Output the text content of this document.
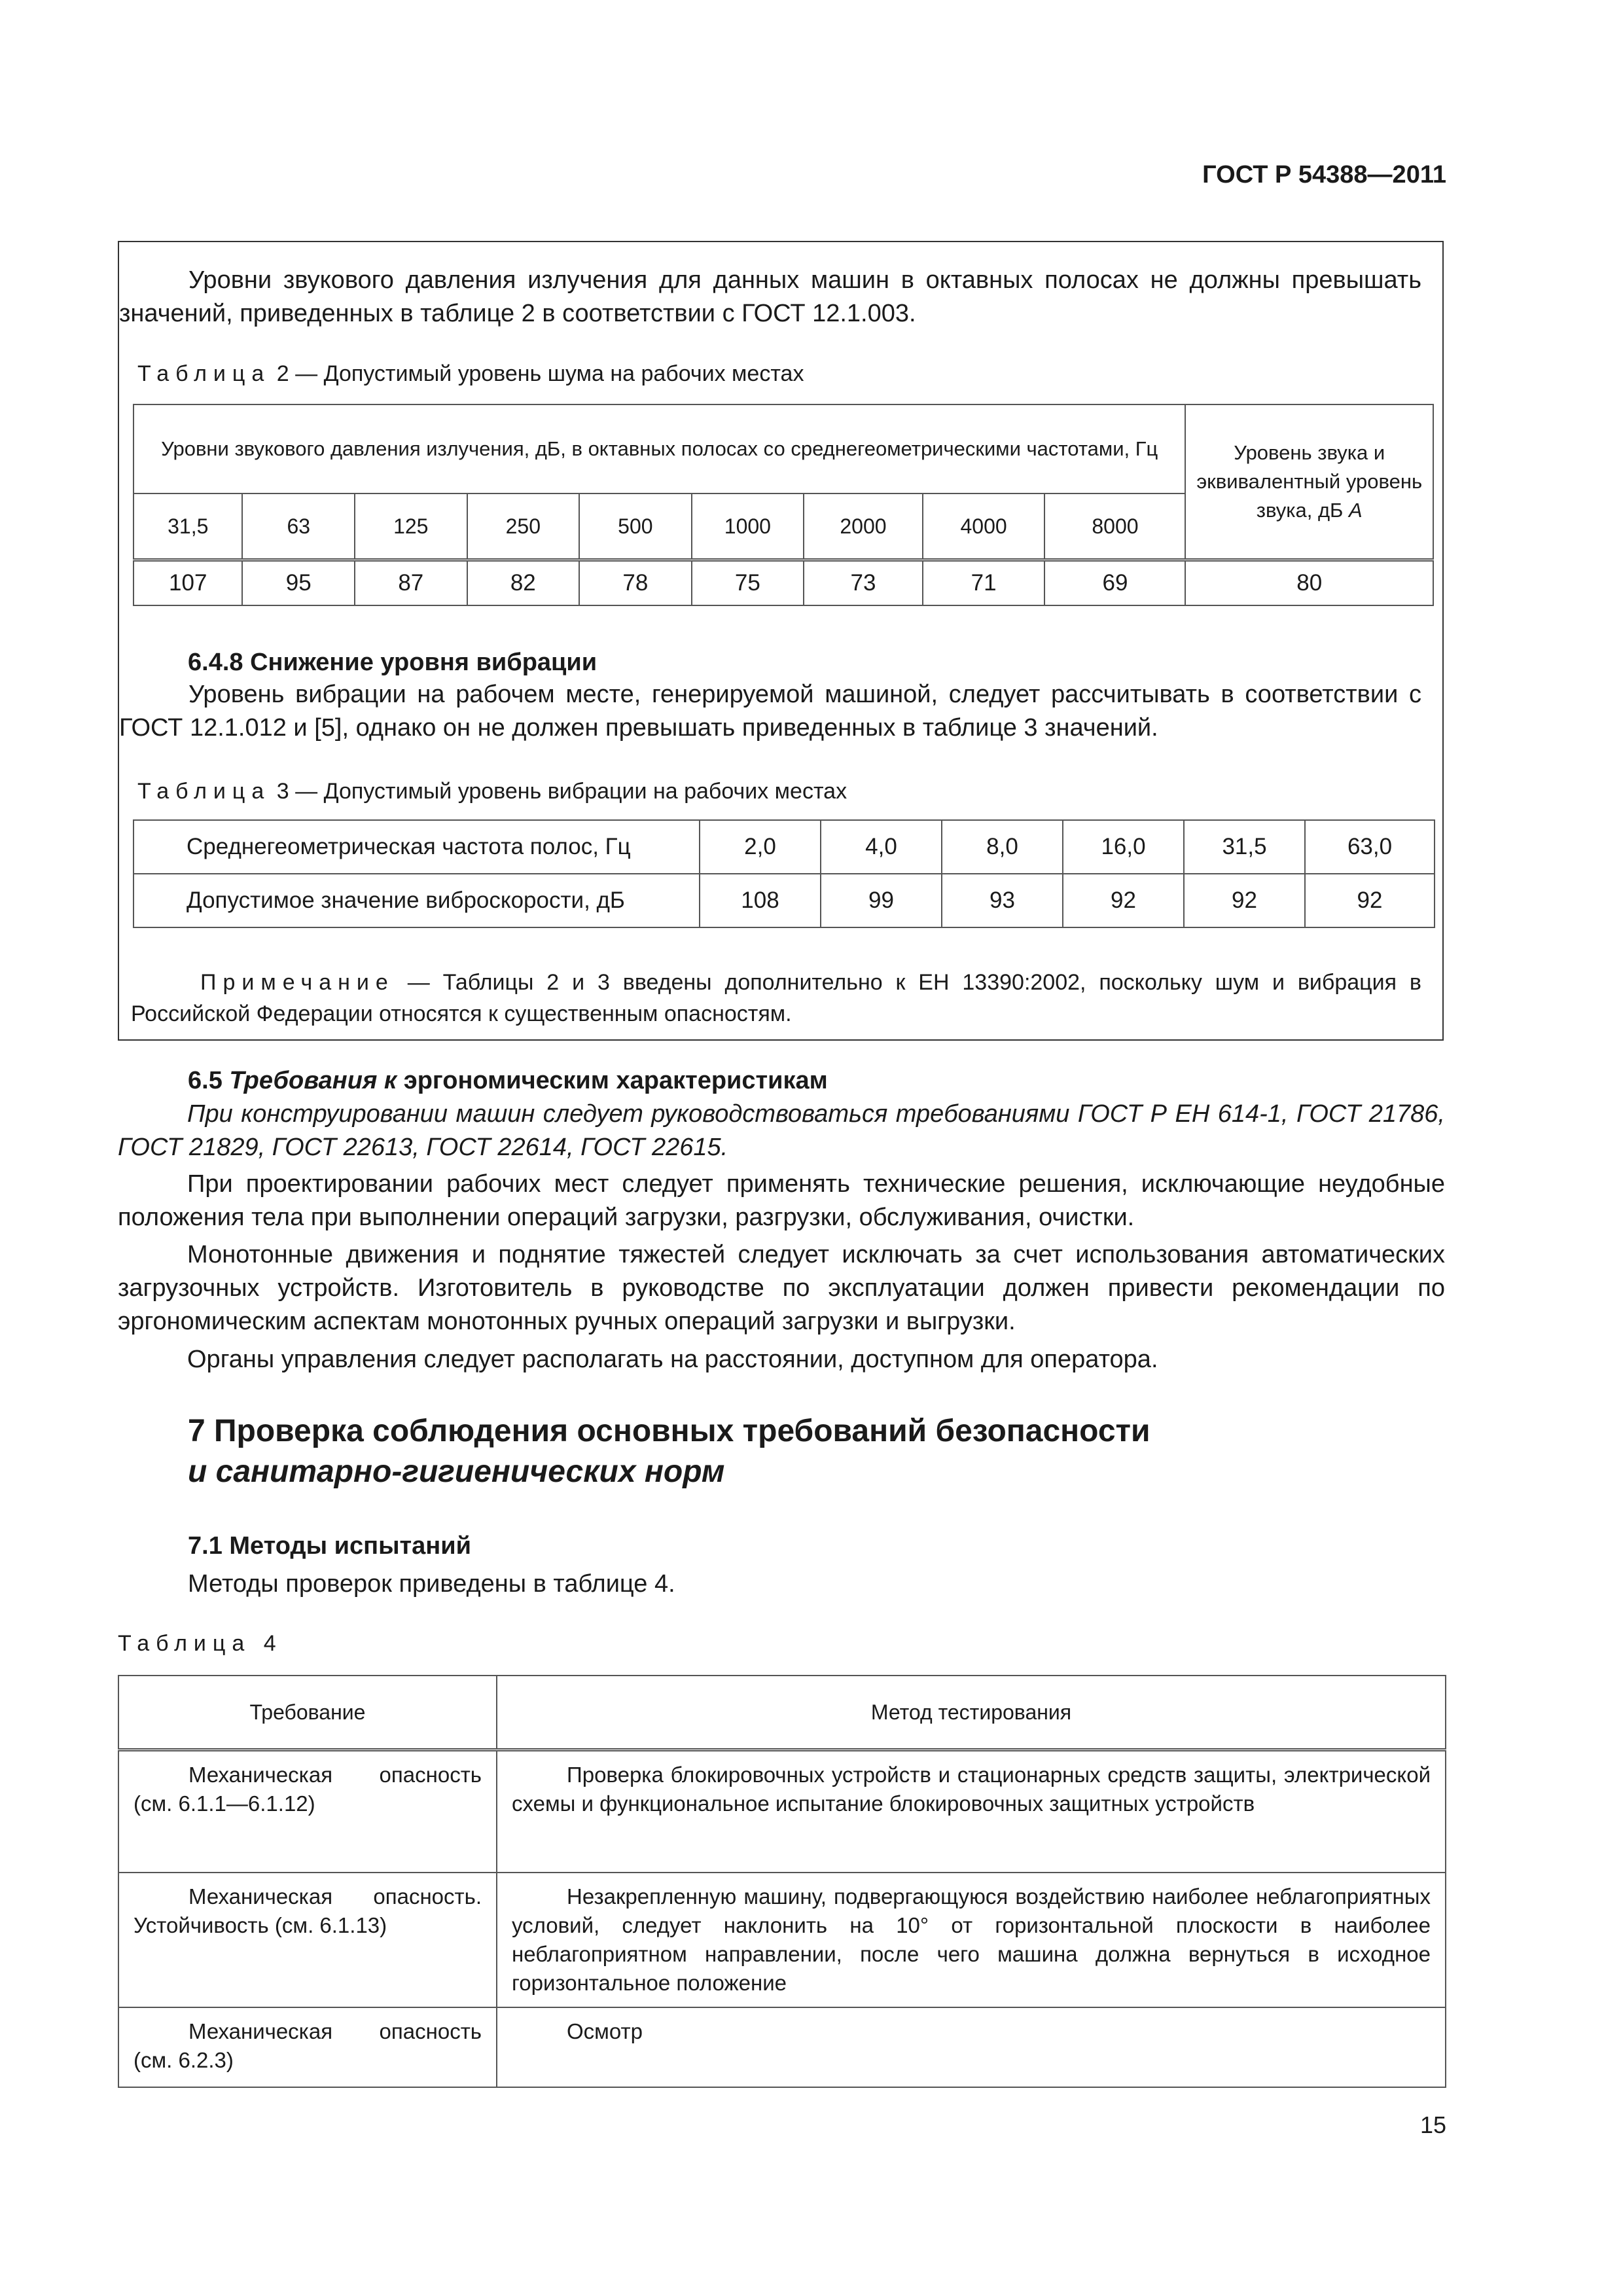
ГОСТ Р 54388—2011

Уровни звукового давления излучения для данных машин в октавных полосах не должны превышать значений, приведенных в таблице 2 в соответствии с ГОСТ 12.1.003.

Таблица 2 — Допустимый уровень шума на рабочих местах
Уровни звукового давления излучения, дБ, в октавных полосах со среднегеометрическими частотами, Гц									Уровень звука и эквивалентный уровень звука, дБ А
31,5	63	125	250	500	1000	2000	4000	8000	
107	95	87	82	78	75	73	71	69	80
6.4.8 Снижение уровня вибрации

Уровень вибрации на рабочем месте, генерируемой машиной, следует рассчитывать в соответствии с ГОСТ 12.1.012 и [5], однако он не должен превышать приведенных в таблице 3 значений.

Таблица 3 — Допустимый уровень вибрации на рабочих местах
Среднегеометрическая частота полос, Гц	2,0	4,0	8,0	16,0	31,5	63,0
Допустимое значение виброскорости, дБ	108	99	93	92	92	92

Примечание — Таблицы 2 и 3 введены дополнительно к ЕН 13390:2002, поскольку шум и вибрация в Российской Федерации относятся к существенным опасностям.

6.5 Требования к эргономическим характеристикам

При конструировании машин следует руководствоваться требованиями ГОСТ Р ЕН 614-1, ГОСТ 21786, ГОСТ 21829, ГОСТ 22613, ГОСТ 22614, ГОСТ 22615.

При проектировании рабочих мест следует применять технические решения, исключающие неудобные положения тела при выполнении операций загрузки, разгрузки, обслуживания, очистки.

Монотонные движения и поднятие тяжестей следует исключать за счет использования автоматических загрузочных устройств. Изготовитель в руководстве по эксплуатации должен привести рекомендации по эргономическим аспектам монотонных ручных операций загрузки и выгрузки.

Органы управления следует располагать на расстоянии, доступном для оператора.

7 Проверка соблюдения основных требований безопасности
и санитарно-гигиенических норм
7.1 Методы испытаний

Методы проверок приведены в таблице 4.

Таблица 4
Требование	Метод тестирования
Механическая опасность (см. 6.1.1—6.1.12)	Проверка блокировочных устройств и стационарных средств защиты, электрической схемы и функциональное испытание блокировочных защитных устройств
Механическая опасность. Устойчивость (см. 6.1.13)	Незакрепленную машину, подвергающуюся воздействию наиболее неблагоприятных условий, следует наклонить на 10° от горизонтальной плоскости в наиболее неблагоприятном направлении, после чего машина должна вернуться в исходное горизонтальное положение
Механическая опасность (см. 6.2.3)	Осмотр
15
